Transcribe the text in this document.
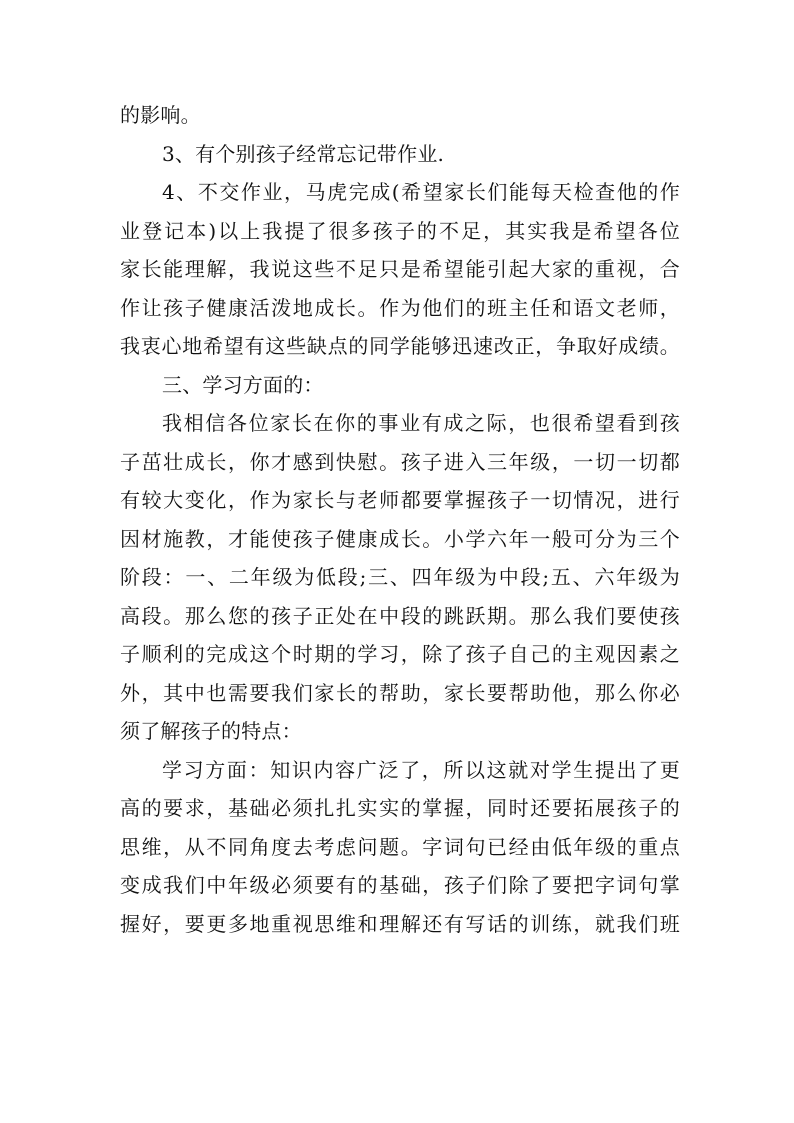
的影响。
3、有个别孩子经常忘记带作业.
4、不交作业，马虎完成(希望家长们能每天检查他的作
业登记本)以上我提了很多孩子的不足，其实我是希望各位
家长能理解，我说这些不足只是希望能引起大家的重视，合
作让孩子健康活泼地成长。作为他们的班主任和语文老师，
我衷心地希望有这些缺点的同学能够迅速改正，争取好成绩。
三、学习方面的：
我相信各位家长在你的事业有成之际，也很希望看到孩
子茁壮成长，你才感到快慰。孩子进入三年级，一切一切都
有较大变化，作为家长与老师都要掌握孩子一切情况，进行
因材施教，才能使孩子健康成长。小学六年一般可分为三个
阶段：一、二年级为低段;三、四年级为中段;五、六年级为
高段。那么您的孩子正处在中段的跳跃期。那么我们要使孩
子顺利的完成这个时期的学习，除了孩子自己的主观因素之
外，其中也需要我们家长的帮助，家长要帮助他，那么你必
须了解孩子的特点：
学习方面：知识内容广泛了，所以这就对学生提出了更
高的要求，基础必须扎扎实实的掌握，同时还要拓展孩子的
思维，从不同角度去考虑问题。字词句已经由低年级的重点
变成我们中年级必须要有的基础，孩子们除了要把字词句掌
握好，要更多地重视思维和理解还有写话的训练，就我们班
